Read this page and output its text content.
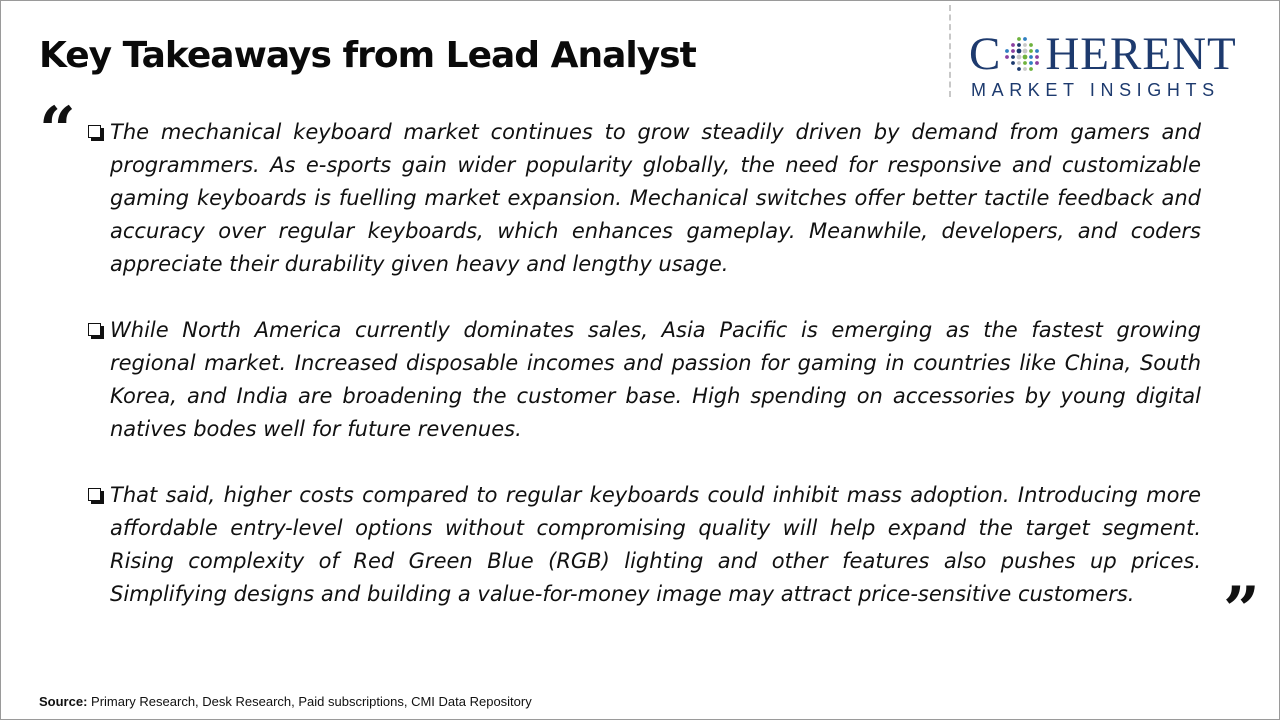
Key Takeaways from Lead Analyst	C HERENT
MARKET INSIGHTS
“	The mechanical keyboard market continues to grow steadily driven by demand from gamers and programmers. As e-sports gain wider popularity globally, the need for responsive and customizable gaming keyboards is fuelling market expansion. Mechanical switches offer better tactile feedback and accuracy over regular keyboards, which enhances gameplay. Meanwhile, developers, and coders appreciate their durability given heavy and lengthy usage.
While North America currently dominates sales, Asia Pacific is emerging as the fastest growing regional market. Increased disposable incomes and passion for gaming in countries like China, South Korea, and India are broadening the customer base. High spending on accessories by young digital natives bodes well for future revenues.
That said, higher costs compared to regular keyboards could inhibit mass adoption. Introducing more affordable entry-level options without compromising quality will help expand the target segment. Rising complexity of Red Green Blue (RGB) lighting and other features also pushes up prices. Simplifying designs and building a value-for-money image may attract price-sensitive customers.	”
Source: Primary Research, Desk Research, Paid subscriptions, CMI Data Repository
